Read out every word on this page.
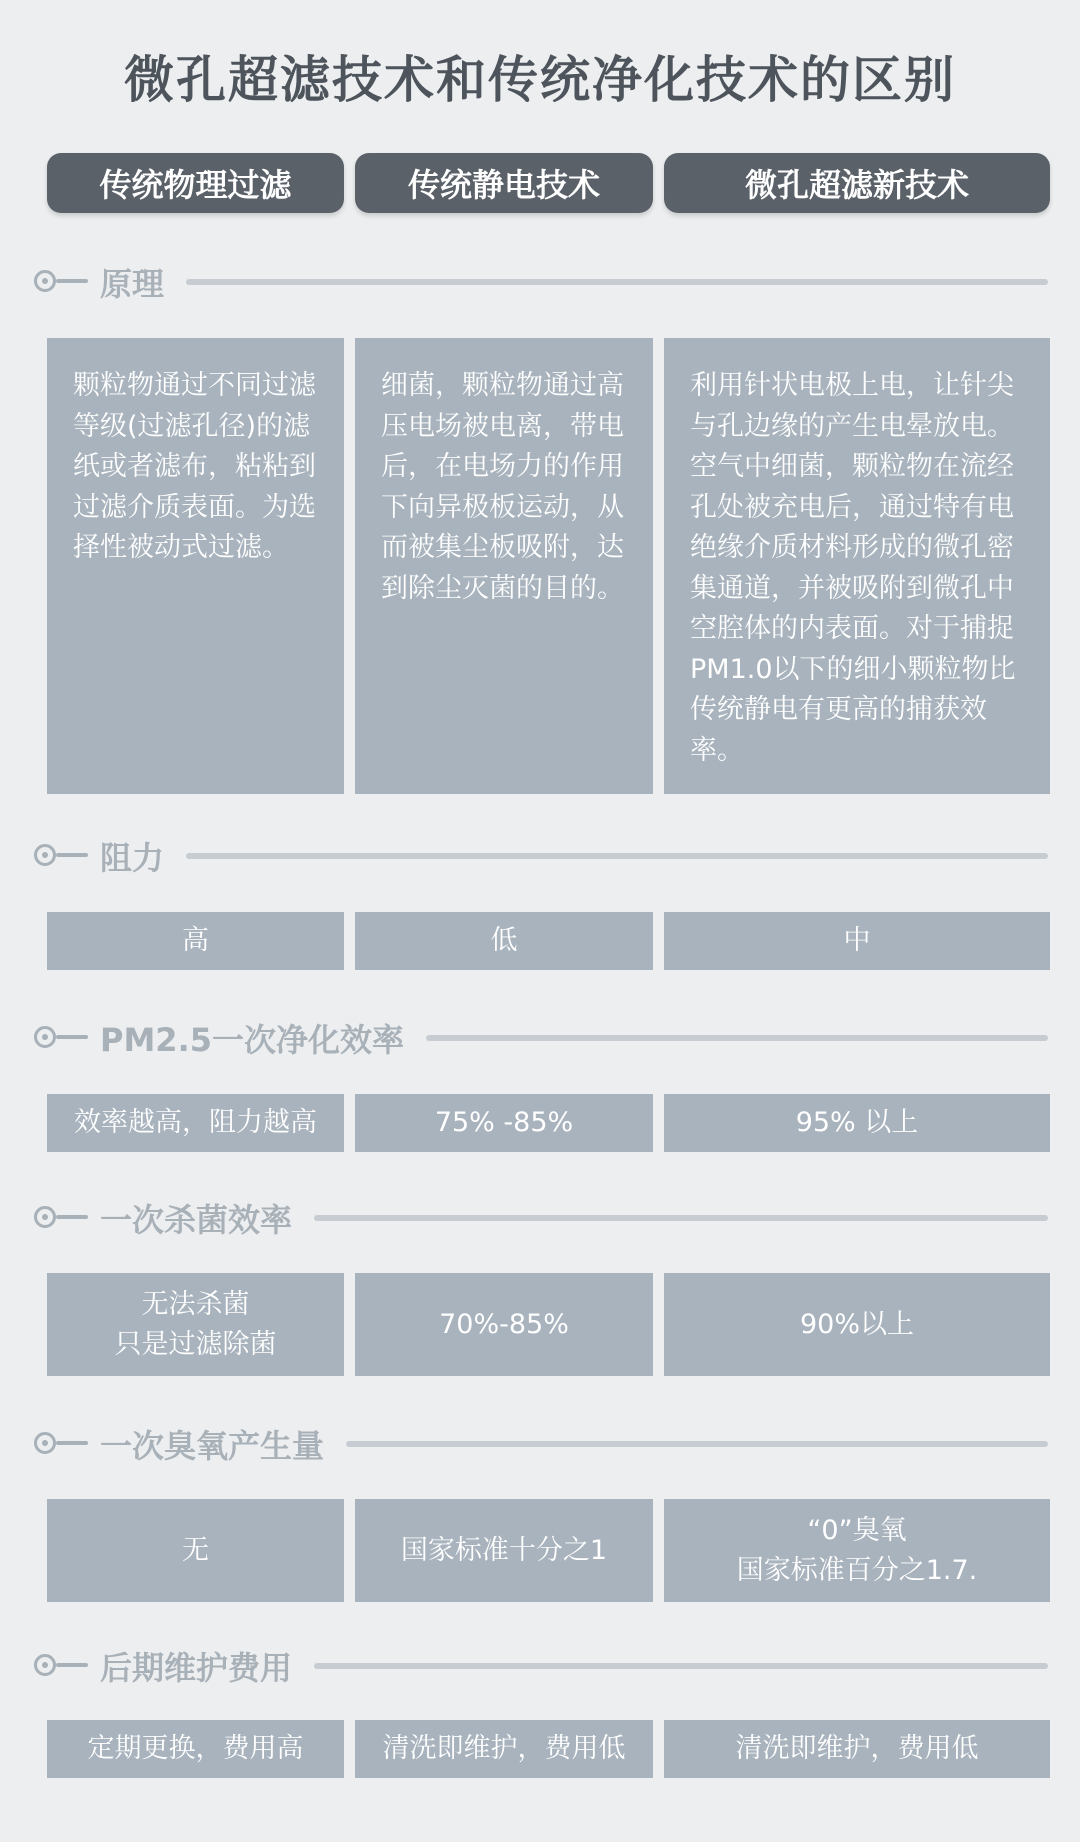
微孔超滤技术和传统净化技术的区别
传统物理过滤	传统静电技术	微孔超滤新技术
原理
颗粒物通过不同过滤等级(过滤孔径)的滤纸或者滤布，粘粘到过滤介质表面。为选择性被动式过滤。
细菌，颗粒物通过高压电场被电离，带电后，在电场力的作用下向异极板运动，从而被集尘板吸附，达到除尘灭菌的目的。
利用针状电极上电，让针尖与孔边缘的产生电晕放电。空气中细菌，颗粒物在流经孔处被充电后，通过特有电绝缘介质材料形成的微孔密集通道，并被吸附到微孔中空腔体的内表面。对于捕捉PM1.0以下的细小颗粒物比传统静电有更高的捕获效率。
阻力
高	低	中
PM2.5一次净化效率
效率越高，阻力越高	75% -85%	95% 以上
一次杀菌效率
无法杀菌
只是过滤除菌
70%-85%	90%以上
一次臭氧产生量
无	国家标准十分之1
“0”臭氧
国家标准百分之1.7.
后期维护费用
定期更换，费用高	清洗即维护，费用低	清洗即维护，费用低
